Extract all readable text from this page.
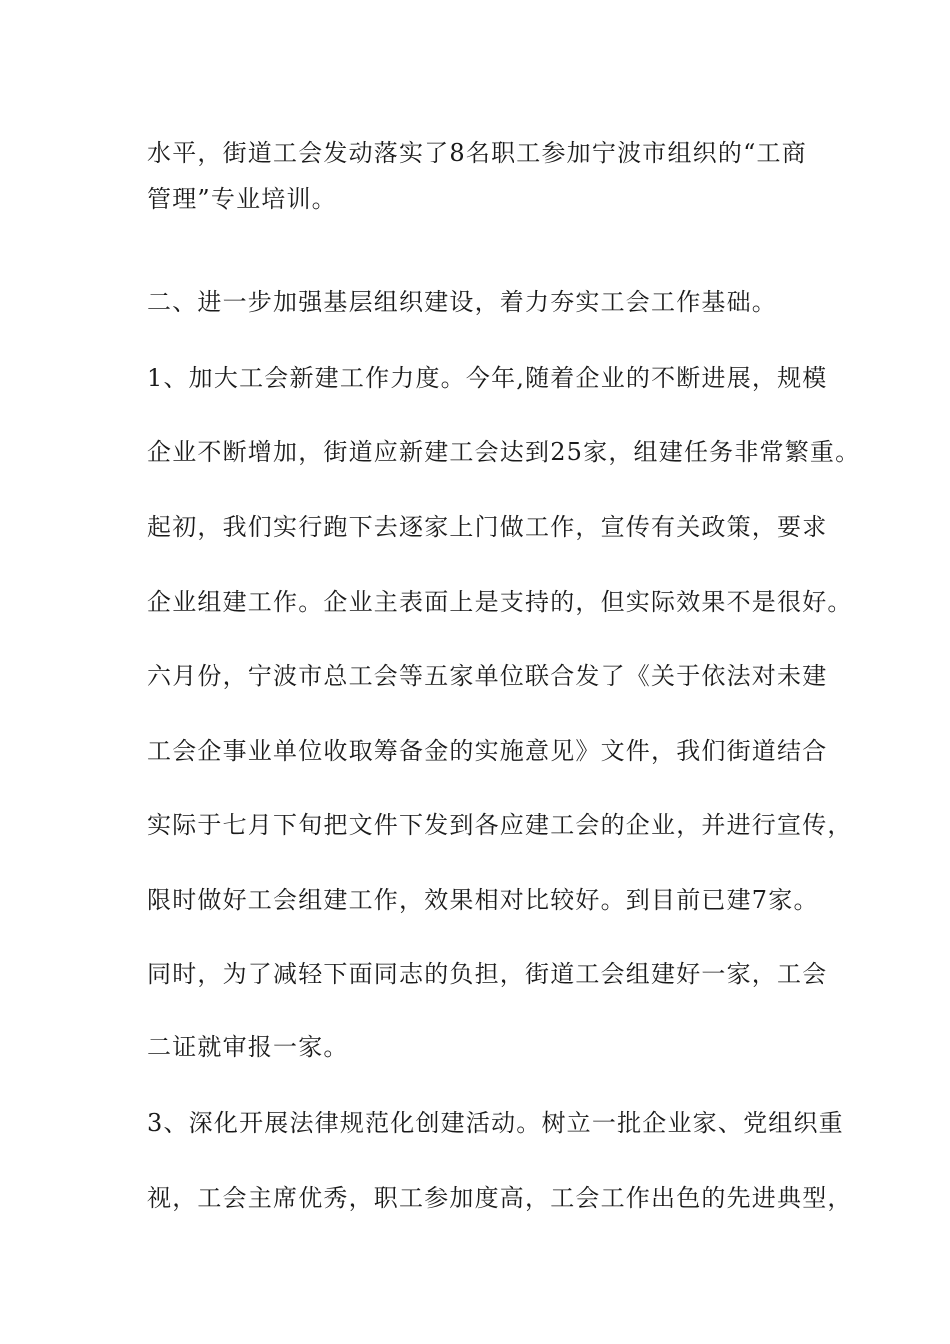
水平，街道工会发动落实了8名职工参加宁波市组织的“工商
管理”专业培训。
二、进一步加强基层组织建设，着力夯实工会工作基础。
1、加大工会新建工作力度。今年,随着企业的不断进展，规模
企业不断增加，街道应新建工会达到25家，组建任务非常繁重。
起初，我们实行跑下去逐家上门做工作，宣传有关政策，要求
企业组建工作。企业主表面上是支持的，但实际效果不是很好。
六月份，宁波市总工会等五家单位联合发了《关于依法对未建
工会企事业单位收取筹备金的实施意见》文件，我们街道结合
实际于七月下旬把文件下发到各应建工会的企业，并进行宣传，
限时做好工会组建工作，效果相对比较好。到目前已建7家。
同时，为了减轻下面同志的负担，街道工会组建好一家，工会
二证就审报一家。
3、深化开展法律规范化创建活动。树立一批企业家、党组织重
视，工会主席优秀，职工参加度高，工会工作出色的先进典型，
